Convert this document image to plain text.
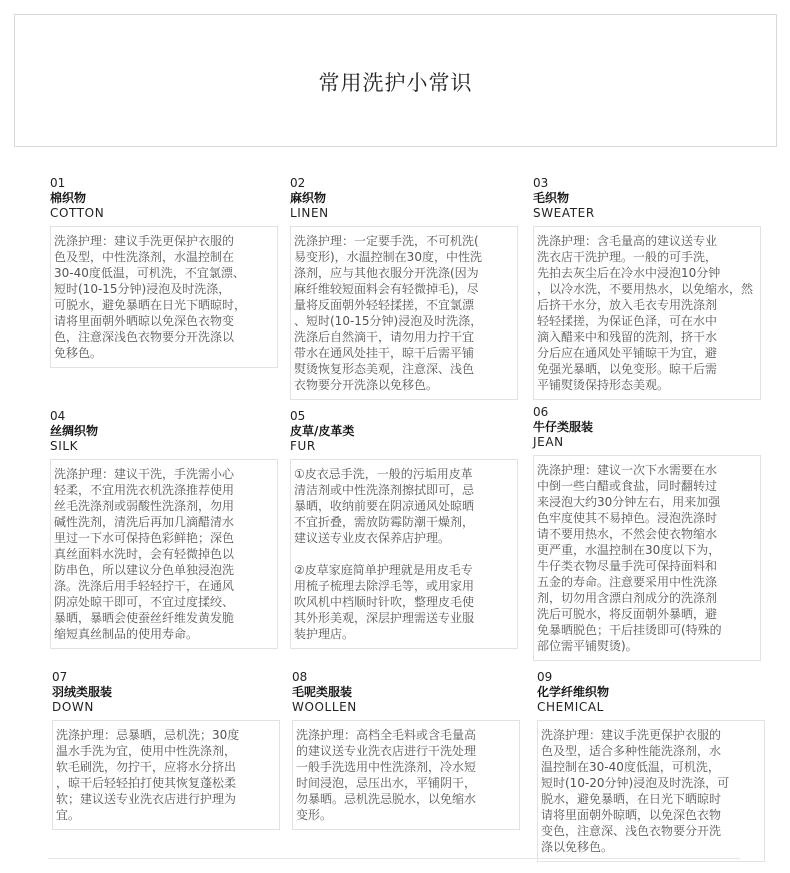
常用洗护小常识
01
棉织物
COTTON
洗涤护理：建议手洗更保护衣服的
色及型，中性洗涤剂，水温控制在
30-40度低温，可机洗，不宜氯漂、
短时(10-15分钟)浸泡及时洗涤，
可脱水，避免暴晒在日光下晒晾时，
请将里面朝外晒晾以免深色衣物变
色，注意深浅色衣物要分开洗涤以
免移色。
02
麻织物
LINEN
洗涤护理：一定要手洗，不可机洗(
易变形)，水温控制在30度，中性洗
涤剂，应与其他衣服分开洗涤(因为
麻纤维较短面料会有轻微掉毛)，尽
量将反面朝外轻轻揉搓，不宜氯漂
、短时(10-15分钟)浸泡及时洗涤，
洗涤后自然滴干，请勿用力拧干宜
带水在通风处挂干，晾干后需平铺
熨烫恢复形态美观，注意深、浅色
衣物要分开洗涤以免移色。
03
毛织物
SWEATER
洗涤护理：含毛量高的建议送专业
洗衣店干洗护理。一般的可手洗，
先拍去灰尘后在冷水中浸泡10分钟
，以冷水洗，不要用热水，以免缩水，然
后挤干水分，放入毛衣专用洗涤剂
轻轻揉搓，为保证色泽，可在水中
滴入醋来中和残留的洗剂，挤干水
分后应在通风处平铺晾干为宜，避
免强光暴晒，以免变形。晾干后需
平铺熨烫保持形态美观。
04
丝绸织物
SILK
洗涤护理：建议干洗，手洗需小心
轻柔，不宜用洗衣机洗涤推荐使用
丝毛洗涤剂或弱酸性洗涤剂，勿用
碱性洗剂，清洗后再加几滴醋清水
里过一下水可保持色彩鲜艳；深色
真丝面料水洗时，会有轻微掉色以
防串色，所以建议分色单独浸泡洗
涤。洗涤后用手轻轻拧干，在通风
阴凉处晾干即可，不宜过度揉绞、
暴晒，暴晒会使蚕丝纤维发黄发脆
缩短真丝制品的使用寿命。
05
皮草/皮革类
FUR
①皮衣忌手洗，一般的污垢用皮革
清洁剂或中性洗涤剂擦拭即可，忌
暴晒，收纳前要在阴凉通风处晾晒
不宜折叠，需放防霉防潮干燥剂，
建议送专业皮衣保养店护理。

②皮草家庭简单护理就是用皮毛专
用梳子梳理去除浮毛等，或用家用
吹风机中档顺时针吹，整理皮毛使
其外形美观，深层护理需送专业服
装护理店。
06
牛仔类服装
JEAN
洗涤护理：建议一次下水需要在水
中倒一些白醋或食盐，同时翻转过
来浸泡大约30分钟左右，用来加强
色牢度使其不易掉色。浸泡洗涤时
请不要用热水，不然会使衣物缩水
更严重，水温控制在30度以下为，
牛仔类衣物尽量手洗可保持面料和
五金的寿命。注意要采用中性洗涤
剂，切勿用含漂白剂成分的洗涤剂
洗后可脱水，将反面朝外暴晒，避
免暴晒脱色；干后挂烫即可(特殊的
部位需平铺熨烫)。
07
羽绒类服装
DOWN
洗涤护理：忌暴晒，忌机洗；30度
温水手洗为宜，使用中性洗涤剂，
软毛刷洗，勿拧干，应将水分挤出
，晾干后轻轻拍打使其恢复蓬松柔
软；建议送专业洗衣店进行护理为
宜。
08
毛呢类服装
WOOLLEN
洗涤护理：高档全毛料或含毛量高
的建议送专业洗衣店进行干洗处理
一般手洗选用中性洗涤剂，冷水短
时间浸泡，忌压出水，平铺阴干，
勿暴晒。忌机洗忌脱水，以免缩水
变形。
09
化学纤维织物
CHEMICAL
洗涤护理：建议手洗更保护衣服的
色及型，适合多种性能洗涤剂，水
温控制在30-40度低温，可机洗，
短时(10-20分钟)浸泡及时洗涤，可
脱水，避免暴晒，在日光下晒晾时
请将里面朝外晾晒，以免深色衣物
变色，注意深、浅色衣物要分开洗
涤以免移色。
